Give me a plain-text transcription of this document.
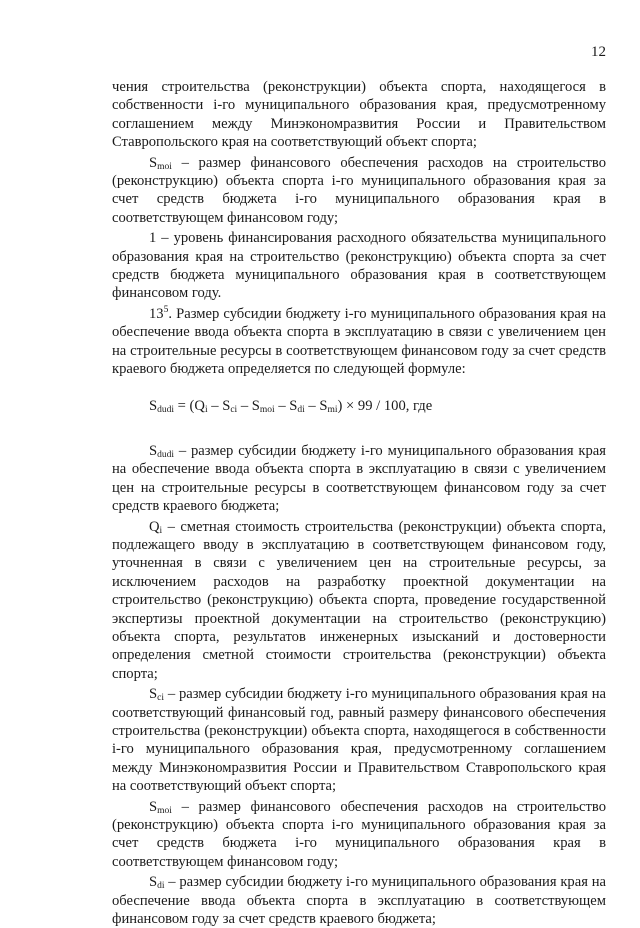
12

чения строительства (реконструкции) объекта спорта, находящегося в собственности i-го муниципального образования края, предусмотренному соглашением между Минэкономразвития России и Правительством Ставропольского края на соответствующий объект спорта;

$S_{moi}$ – размер финансового обеспечения расходов на строительство (реконструкцию) объекта спорта i-го муниципального образования края за счет средств бюджета i-го муниципального образования края в соответствующем финансовом году;

1 – уровень финансирования расходного обязательства муниципального образования края на строительство (реконструкцию) объекта спорта за счет средств бюджета муниципального образования края в соответствующем финансовом году.

$13^5$. Размер субсидии бюджету i-го муниципального образования края на обеспечение ввода объекта спорта в эксплуатацию в связи с увеличением цен на строительные ресурсы в соответствующем финансовом году за счет средств краевого бюджета определяется по следующей формуле:

$S_{dudi} = (Q_i - S_{ci} - S_{moi} - S_{di} - S_{mi}) \times 99 / 100$, где

$S_{dudi}$ – размер субсидии бюджету i-го муниципального образования края на обеспечение ввода объекта спорта в эксплуатацию в связи с увеличением цен на строительные ресурсы в соответствующем финансовом году за счет средств краевого бюджета;

$Q_i$ – сметная стоимость строительства (реконструкции) объекта спорта, подлежащего вводу в эксплуатацию в соответствующем финансовом году, уточненная в связи с увеличением цен на строительные ресурсы, за исключением расходов на разработку проектной документации на строительство (реконструкцию) объекта спорта, проведение государственной экспертизы проектной документации на строительство (реконструкцию) объекта спорта, результатов инженерных изысканий и достоверности определения сметной стоимости строительства (реконструкции) объекта спорта;

$S_{ci}$ – размер субсидии бюджету i-го муниципального образования края на соответствующий финансовый год, равный размеру финансового обеспечения строительства (реконструкции) объекта спорта, находящегося в собственности i-го муниципального образования края, предусмотренному соглашением между Минэкономразвития России и Правительством Ставропольского края на соответствующий объект спорта;

$S_{moi}$ – размер финансового обеспечения расходов на строительство (реконструкцию) объекта спорта i-го муниципального образования края за счет средств бюджета i-го муниципального образования края в соответствующем финансовом году;

$S_{di}$ – размер субсидии бюджету i-го муниципального образования края на обеспечение ввода объекта спорта в эксплуатацию в соответствующем финансовом году за счет средств краевого бюджета;
